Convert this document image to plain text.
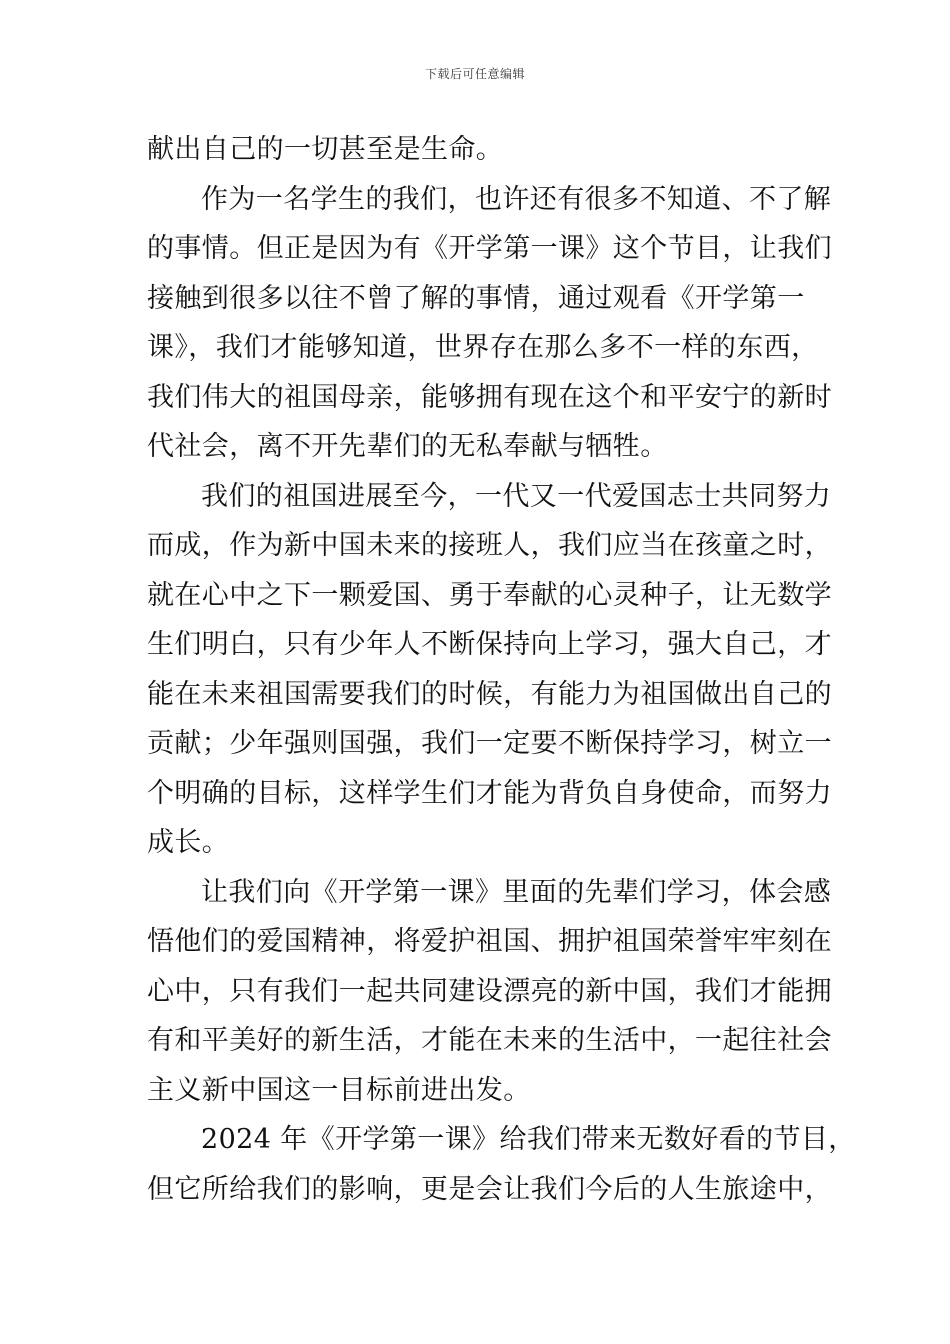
下载后可任意编辑
献出自己的一切甚至是生命。
作为一名学生的我们，也许还有很多不知道、不了解
的事情。但正是因为有《开学第一课》这个节目，让我们
接触到很多以往不曾了解的事情，通过观看《开学第一
课》，我们才能够知道，世界存在那么多不一样的东西，
我们伟大的祖国母亲，能够拥有现在这个和平安宁的新时
代社会，离不开先辈们的无私奉献与牺牲。
我们的祖国进展至今，一代又一代爱国志士共同努力
而成，作为新中国未来的接班人，我们应当在孩童之时，
就在心中之下一颗爱国、勇于奉献的心灵种子，让无数学
生们明白，只有少年人不断保持向上学习，强大自己，才
能在未来祖国需要我们的时候，有能力为祖国做出自己的
贡献；少年强则国强，我们一定要不断保持学习，树立一
个明确的目标，这样学生们才能为背负自身使命，而努力
成长。
让我们向《开学第一课》里面的先辈们学习，体会感
悟他们的爱国精神，将爱护祖国、拥护祖国荣誉牢牢刻在
心中，只有我们一起共同建设漂亮的新中国，我们才能拥
有和平美好的新生活，才能在未来的生活中，一起往社会
主义新中国这一目标前进出发。
2024 年《开学第一课》给我们带来无数好看的节目，
但它所给我们的影响，更是会让我们今后的人生旅途中，
